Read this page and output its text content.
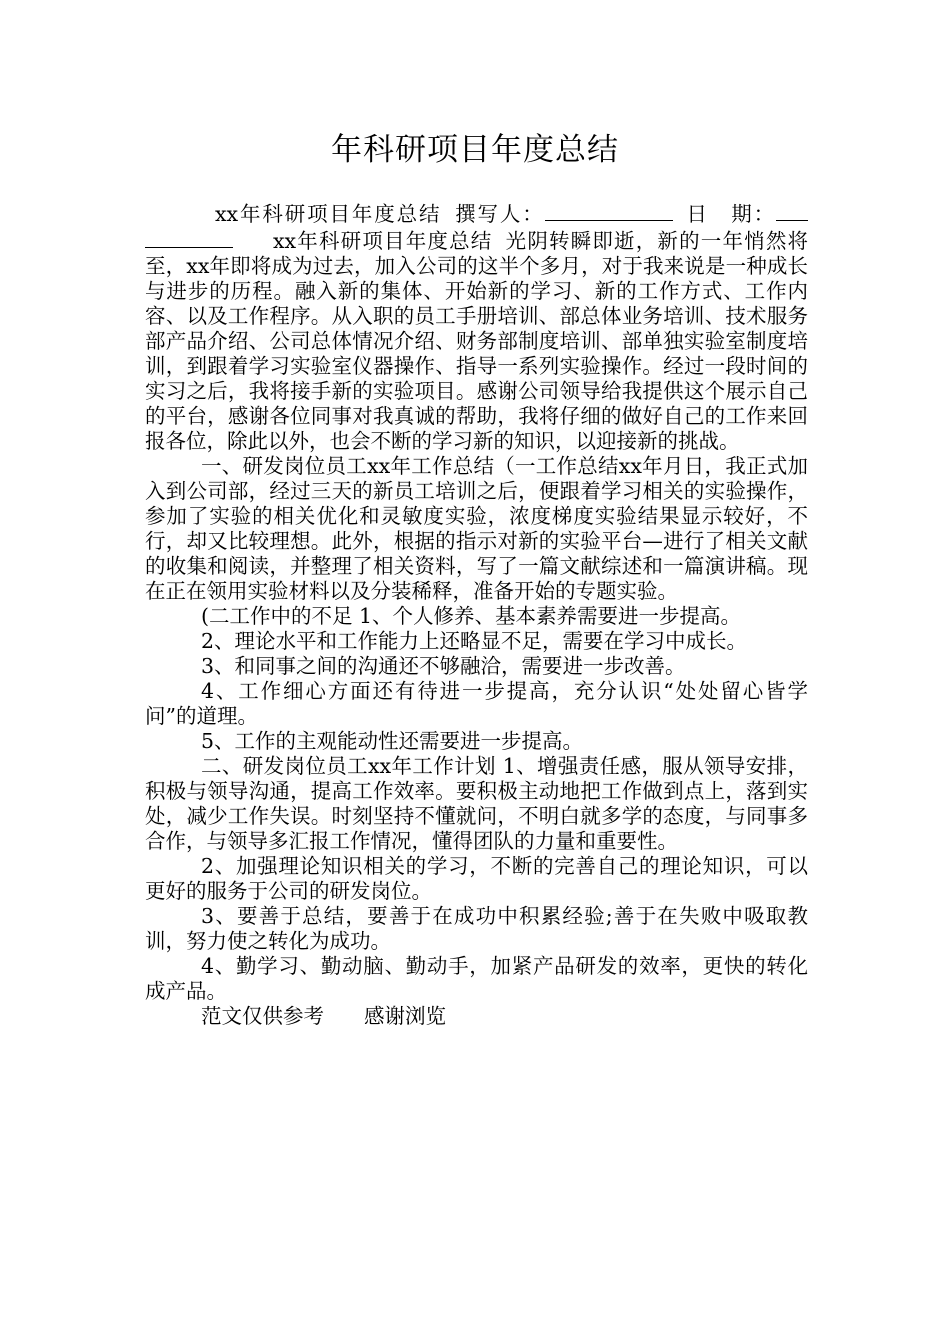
年科研项目年度总结

xx年科研项目年度总结 撰写人：	日　期：xx年科研项目年度总结 光阴转瞬即逝，新的一年悄然将至，xx年即将成为过去，加入公司的这半个多月，对于我来说是一种成长与进步的历程。融入新的集体、开始新的学习、新的工作方式、工作内容、以及工作程序。从入职的员工手册培训、部总体业务培训、技术服务部产品介绍、公司总体情况介绍、财务部制度培训、部单独实验室制度培训，到跟着学习实验室仪器操作、指导一系列实验操作。经过一段时间的实习之后，我将接手新的实验项目。感谢公司领导给我提供这个展示自己的平台，感谢各位同事对我真诚的帮助，我将仔细的做好自己的工作来回报各位，除此以外，也会不断的学习新的知识，以迎接新的挑战。

一、研发岗位员工xx年工作总结（一工作总结xx年月日，我正式加入到公司部，经过三天的新员工培训之后，便跟着学习相关的实验操作，参加了实验的相关优化和灵敏度实验，浓度梯度实验结果显示较好，不行，却又比较理想。此外，根据的指示对新的实验平台—进行了相关文献的收集和阅读，并整理了相关资料，写了一篇文献综述和一篇演讲稿。现在正在领用实验材料以及分装稀释，准备开始的专题实验。

(二工作中的不足 1、个人修养、基本素养需要进一步提高。

2、理论水平和工作能力上还略显不足，需要在学习中成长。

3、和同事之间的沟通还不够融洽，需要进一步改善。

4、工作细心方面还有待进一步提高，充分认识“处处留心皆学问”的道理。

5、工作的主观能动性还需要进一步提高。

二、研发岗位员工xx年工作计划 1、增强责任感，服从领导安排，积极与领导沟通，提高工作效率。要积极主动地把工作做到点上，落到实处，减少工作失误。时刻坚持不懂就问，不明白就多学的态度，与同事多合作，与领导多汇报工作情况，懂得团队的力量和重要性。

2、加强理论知识相关的学习，不断的完善自己的理论知识，可以更好的服务于公司的研发岗位。

3、要善于总结，要善于在成功中积累经验;善于在失败中吸取教训，努力使之转化为成功。

4、勤学习、勤动脑、勤动手，加紧产品研发的效率，更快的转化成产品。

范文仅供参考 感谢浏览
